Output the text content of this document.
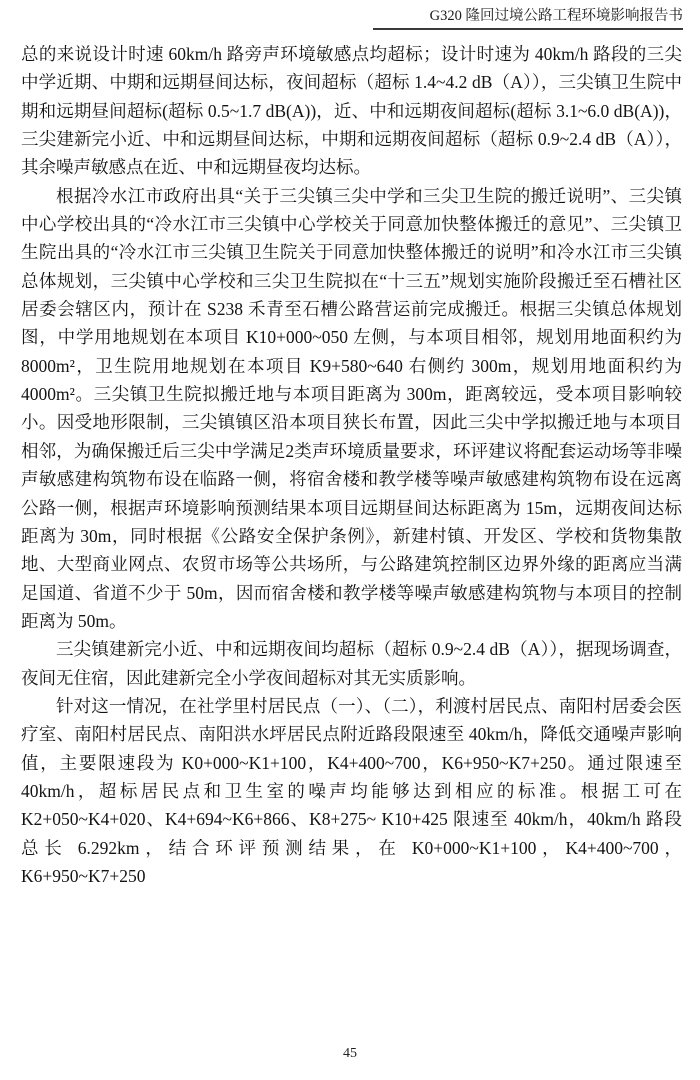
G320 隆回过境公路工程环境影响报告书

总的来说设计时速 60km/h 路旁声环境敏感点均超标；设计时速为 40km/h 路段的三尖中学近期、中期和远期昼间达标，夜间超标（超标 1.4~4.2 dB（A）），三尖镇卫生院中期和远期昼间超标(超标 0.5~1.7 dB(A))，近、中和远期夜间超标(超标 3.1~6.0 dB(A))，三尖建新完小近、中和远期昼间达标，中期和远期夜间超标（超标 0.9~2.4 dB（A）），其余噪声敏感点在近、中和远期昼夜均达标。

根据冷水江市政府出具“关于三尖镇三尖中学和三尖卫生院的搬迁说明”、三尖镇中心学校出具的“冷水江市三尖镇中心学校关于同意加快整体搬迁的意见”、三尖镇卫生院出具的“冷水江市三尖镇卫生院关于同意加快整体搬迁的说明”和冷水江市三尖镇总体规划，三尖镇中心学校和三尖卫生院拟在“十三五”规划实施阶段搬迁至石槽社区居委会辖区内，预计在 S238 禾青至石槽公路营运前完成搬迁。根据三尖镇总体规划图，中学用地规划在本项目 K10+000~050 左侧，与本项目相邻，规划用地面积约为 8000m²，卫生院用地规划在本项目 K9+580~640 右侧约 300m，规划用地面积约为 4000m²。三尖镇卫生院拟搬迁地与本项目距离为 300m，距离较远，受本项目影响较小。因受地形限制，三尖镇镇区沿本项目狭长布置，因此三尖中学拟搬迁地与本项目相邻，为确保搬迁后三尖中学满足2类声环境质量要求，环评建议将配套运动场等非噪声敏感建构筑物布设在临路一侧，将宿舍楼和教学楼等噪声敏感建构筑物布设在远离公路一侧，根据声环境影响预测结果本项目远期昼间达标距离为 15m，远期夜间达标距离为 30m，同时根据《公路安全保护条例》，新建村镇、开发区、学校和货物集散地、大型商业网点、农贸市场等公共场所，与公路建筑控制区边界外缘的距离应当满足国道、省道不少于 50m，因而宿舍楼和教学楼等噪声敏感建构筑物与本项目的控制距离为 50m。

三尖镇建新完小近、中和远期夜间均超标（超标 0.9~2.4 dB（A）），据现场调查，夜间无住宿，因此建新完全小学夜间超标对其无实质影响。

针对这一情况，在社学里村居民点（一）、（二），利渡村居民点、南阳村居委会医疗室、南阳村居民点、南阳洪水坪居民点附近路段限速至 40km/h，降低交通噪声影响值，主要限速段为 K0+000~K1+100，K4+400~700，K6+950~K7+250。通过限速至 40km/h，超标居民点和卫生室的噪声均能够达到相应的标准。根据工可在 K2+050~K4+020、K4+694~K6+866、K8+275~ K10+425 限速至 40km/h，40km/h 路段总长 6.292km，结合环评预测结果，在 K0+000~K1+100，K4+400~700，K6+950~K7+250

45
